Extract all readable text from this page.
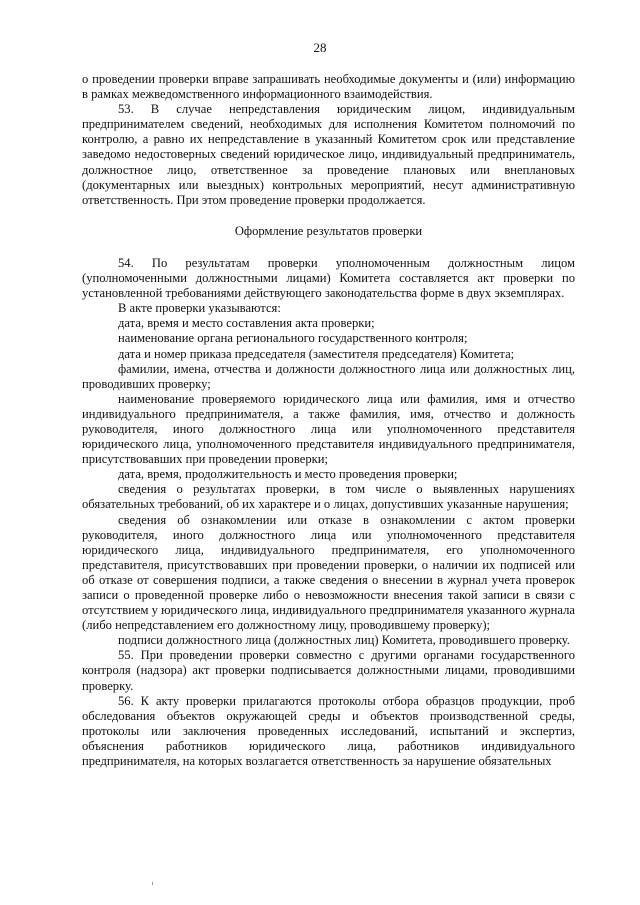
28

о проведении проверки вправе запрашивать необходимые документы и (или) информацию в рамках межведомственного информационного взаимодействия.

53. В случае непредставления юридическим лицом, индивидуальным предпринимателем сведений, необходимых для исполнения Комитетом полномочий по контролю, а равно их непредставление в указанный Комитетом срок или представление заведомо недостоверных сведений юридическое лицо, индивидуальный предприниматель, должностное лицо, ответственное за проведение плановых или внеплановых (документарных или выездных) контрольных мероприятий, несут административную ответственность. При этом проведение проверки продолжается.

Оформление результатов проверки

54. По результатам проверки уполномоченным должностным лицом (уполномоченными должностными лицами) Комитета составляется акт проверки по установленной требованиями действующего законодательства форме в двух экземплярах.

В акте проверки указываются:

дата, время и место составления акта проверки;

наименование органа регионального государственного контроля;

дата и номер приказа председателя (заместителя председателя) Комитета;

фамилии, имена, отчества и должности должностного лица или должностных лиц, проводивших проверку;

наименование проверяемого юридического лица или фамилия, имя и отчество индивидуального предпринимателя, а также фамилия, имя, отчество и должность руководителя, иного должностного лица или уполномоченного представителя юридического лица, уполномоченного представителя индивидуального предпринимателя, присутствовавших при проведении проверки;

дата, время, продолжительность и место проведения проверки;

сведения о результатах проверки, в том числе о выявленных нарушениях обязательных требований, об их характере и о лицах, допустивших указанные нарушения;

сведения об ознакомлении или отказе в ознакомлении с актом проверки руководителя, иного должностного лица или уполномоченного представителя юридического лица, индивидуального предпринимателя, его уполномоченного представителя, присутствовавших при проведении проверки, о наличии их подписей или об отказе от совершения подписи, а также сведения о внесении в журнал учета проверок записи о проведенной проверке либо о невозможности внесения такой записи в связи с отсутствием у юридического лица, индивидуального предпринимателя указанного журнала (либо непредставлением его должностному лицу, проводившему проверку);

подписи должностного лица (должностных лиц) Комитета, проводившего проверку.

55. При проведении проверки совместно с другими органами государственного контроля (надзора) акт проверки подписывается должностными лицами, проводившими проверку.

56. К акту проверки прилагаются протоколы отбора образцов продукции, проб обследования объектов окружающей среды и объектов производственной среды, протоколы или заключения проведенных исследований, испытаний и экспертиз, объяснения работников юридического лица, работников индивидуального предпринимателя, на которых возлагается ответственность за нарушение обязательных
